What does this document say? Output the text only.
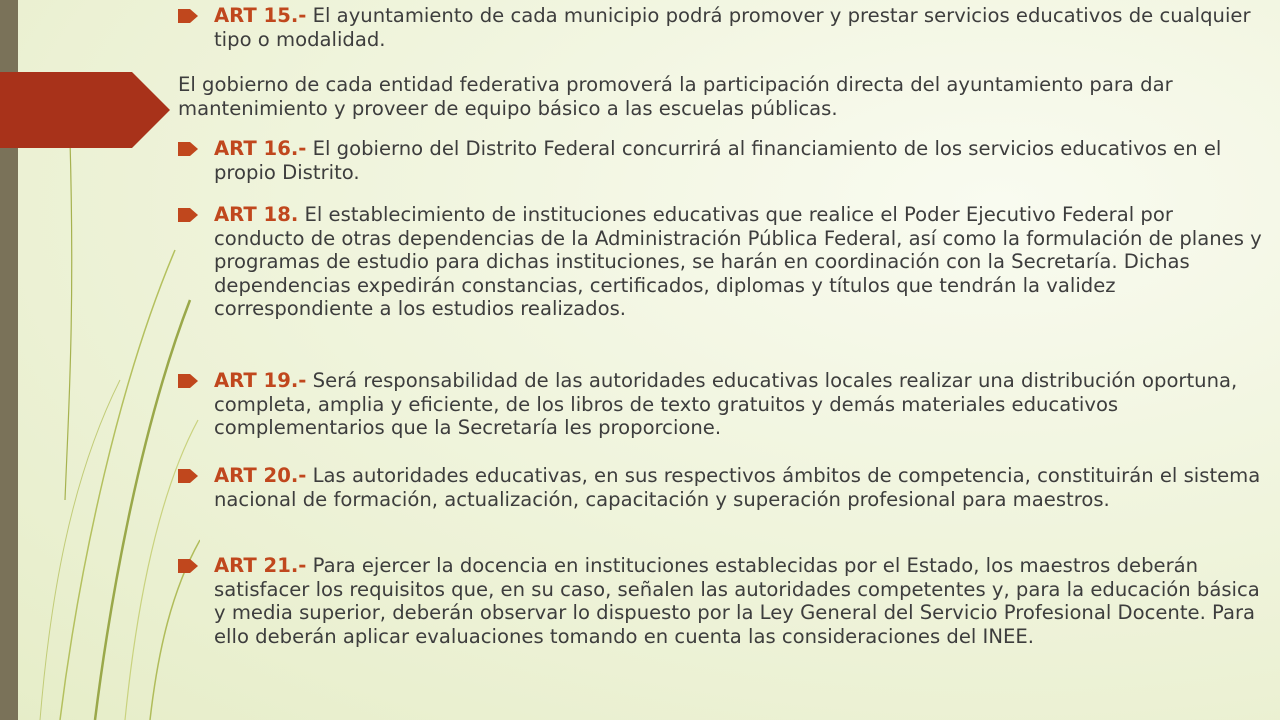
ART 15.- El ayuntamiento de cada municipio podrá promover y prestar servicios educativos de cualquier tipo o modalidad.
El gobierno de cada entidad federativa promoverá la participación directa del ayuntamiento para dar mantenimiento y proveer de equipo básico a las escuelas públicas.
ART 16.- El gobierno del Distrito Federal concurrirá al financiamiento de los servicios educativos en el propio Distrito.
ART 18. El establecimiento de instituciones educativas que realice el Poder Ejecutivo Federal por conducto de otras dependencias de la Administración Pública Federal, así como la formulación de planes y programas de estudio para dichas instituciones, se harán en coordinación con la Secretaría. Dichas dependencias expedirán constancias, certificados, diplomas y títulos que tendrán la validez correspondiente a los estudios realizados.
ART 19.- Será responsabilidad de las autoridades educativas locales realizar una distribución oportuna, completa, amplia y eficiente, de los libros de texto gratuitos y demás materiales educativos complementarios que la Secretaría les proporcione.
ART 20.- Las autoridades educativas, en sus respectivos ámbitos de competencia, constituirán el sistema nacional de formación, actualización, capacitación y superación profesional para maestros.
ART 21.- Para ejercer la docencia en instituciones establecidas por el Estado, los maestros deberán satisfacer los requisitos que, en su caso, señalen las autoridades competentes y, para la educación básica y media superior, deberán observar lo dispuesto por la Ley General del Servicio Profesional Docente. Para ello deberán aplicar evaluaciones tomando en cuenta las consideraciones del INEE.
